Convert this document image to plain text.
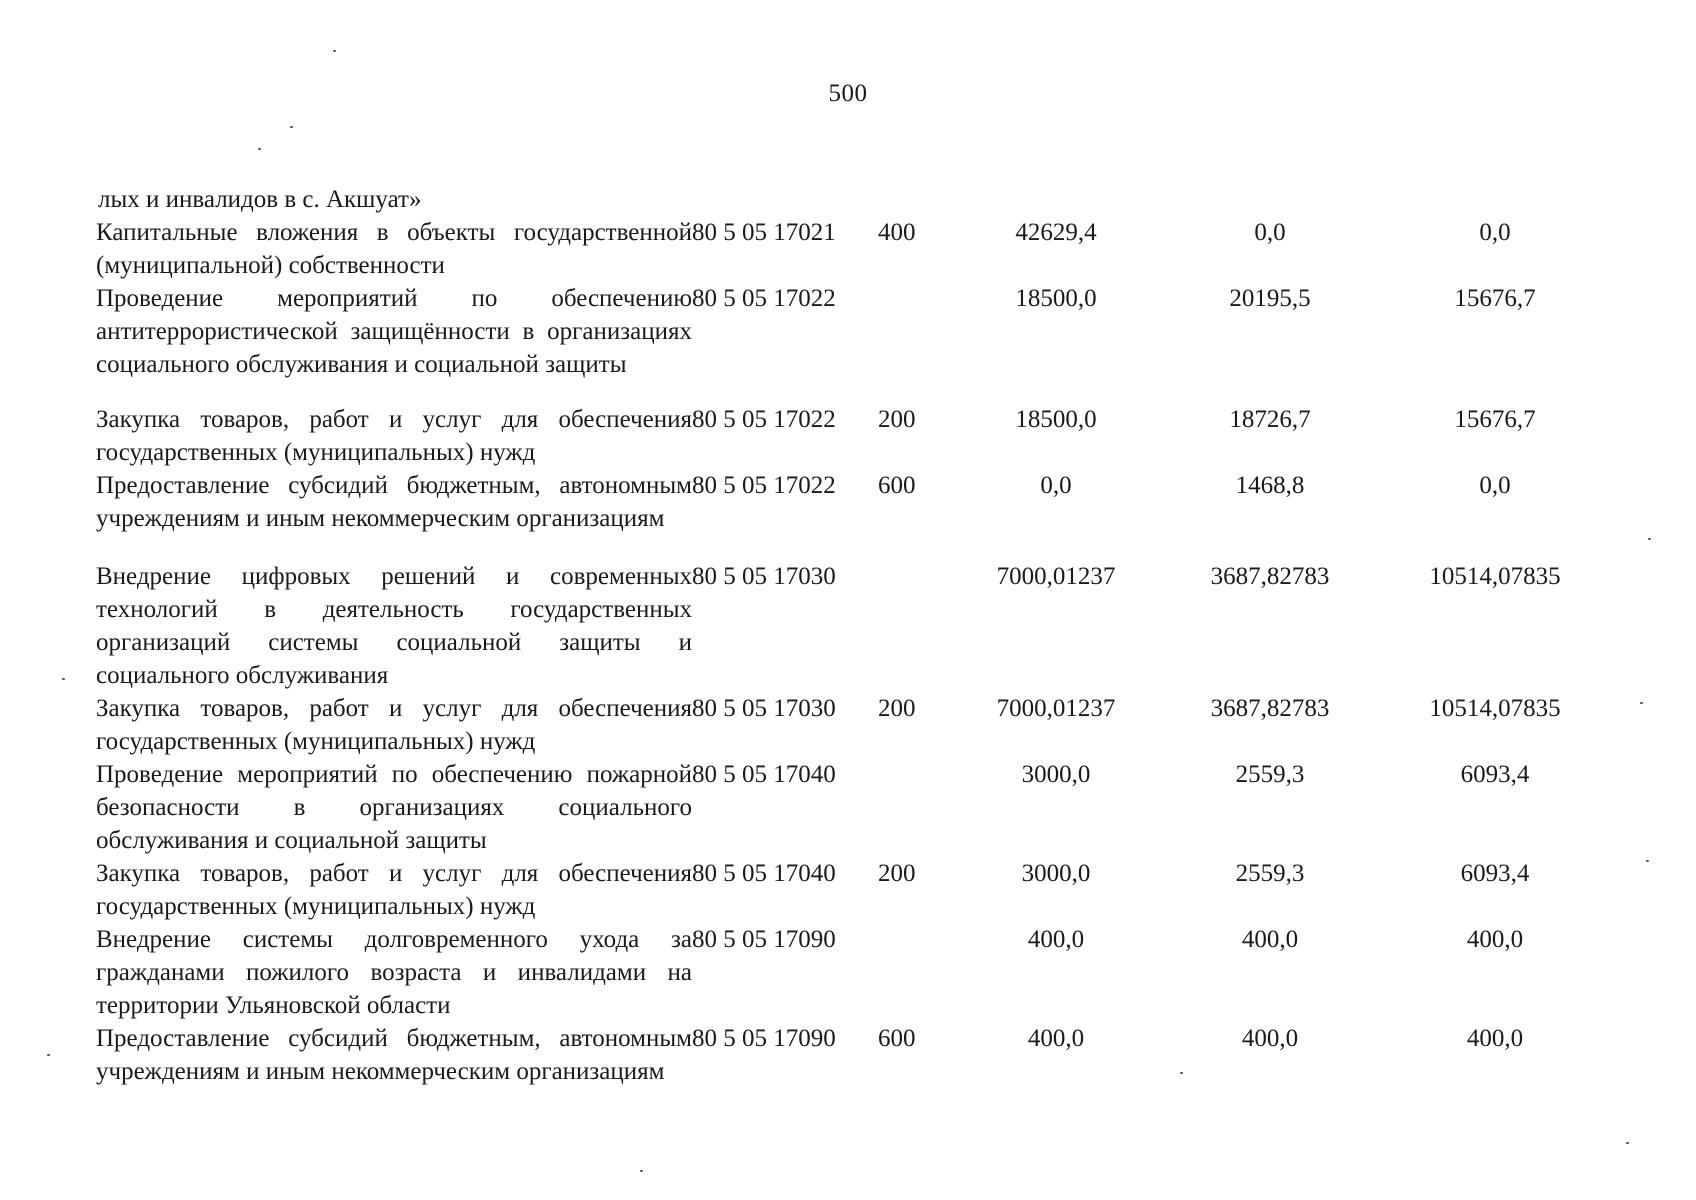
500
лых и инвалидов в с. Акшуат»
Капитальные вложения в объекты государственной (муниципальной) собственности	80 5 05 17021	400	42629,4	0,0	0,0
Проведение мероприятий по обеспечению антитеррористической защищённости в организациях социального обслуживания и социальной защиты	80 5 05 17022		18500,0	20195,5	15676,7
Закупка товаров, работ и услуг для обеспечения государственных (муниципальных) нужд	80 5 05 17022	200	18500,0	18726,7	15676,7
Предоставление субсидий бюджетным, автономным учреждениям и иным некоммерческим организациям	80 5 05 17022	600	0,0	1468,8	0,0
Внедрение цифровых решений и современных технологий в деятельность государственных организаций системы социальной защиты и социального обслуживания	80 5 05 17030		7000,01237	3687,82783	10514,07835
Закупка товаров, работ и услуг для обеспечения государственных (муниципальных) нужд	80 5 05 17030	200	7000,01237	3687,82783	10514,07835
Проведение мероприятий по обеспечению пожарной безопасности в организациях социального обслуживания и социальной защиты	80 5 05 17040		3000,0	2559,3	6093,4
Закупка товаров, работ и услуг для обеспечения государственных (муниципальных) нужд	80 5 05 17040	200	3000,0	2559,3	6093,4
Внедрение системы долговременного ухода за гражданами пожилого возраста и инвалидами на территории Ульяновской области	80 5 05 17090		400,0	400,0	400,0
Предоставление субсидий бюджетным, автономным учреждениям и иным некоммерческим организациям	80 5 05 17090	600	400,0	400,0	400,0
